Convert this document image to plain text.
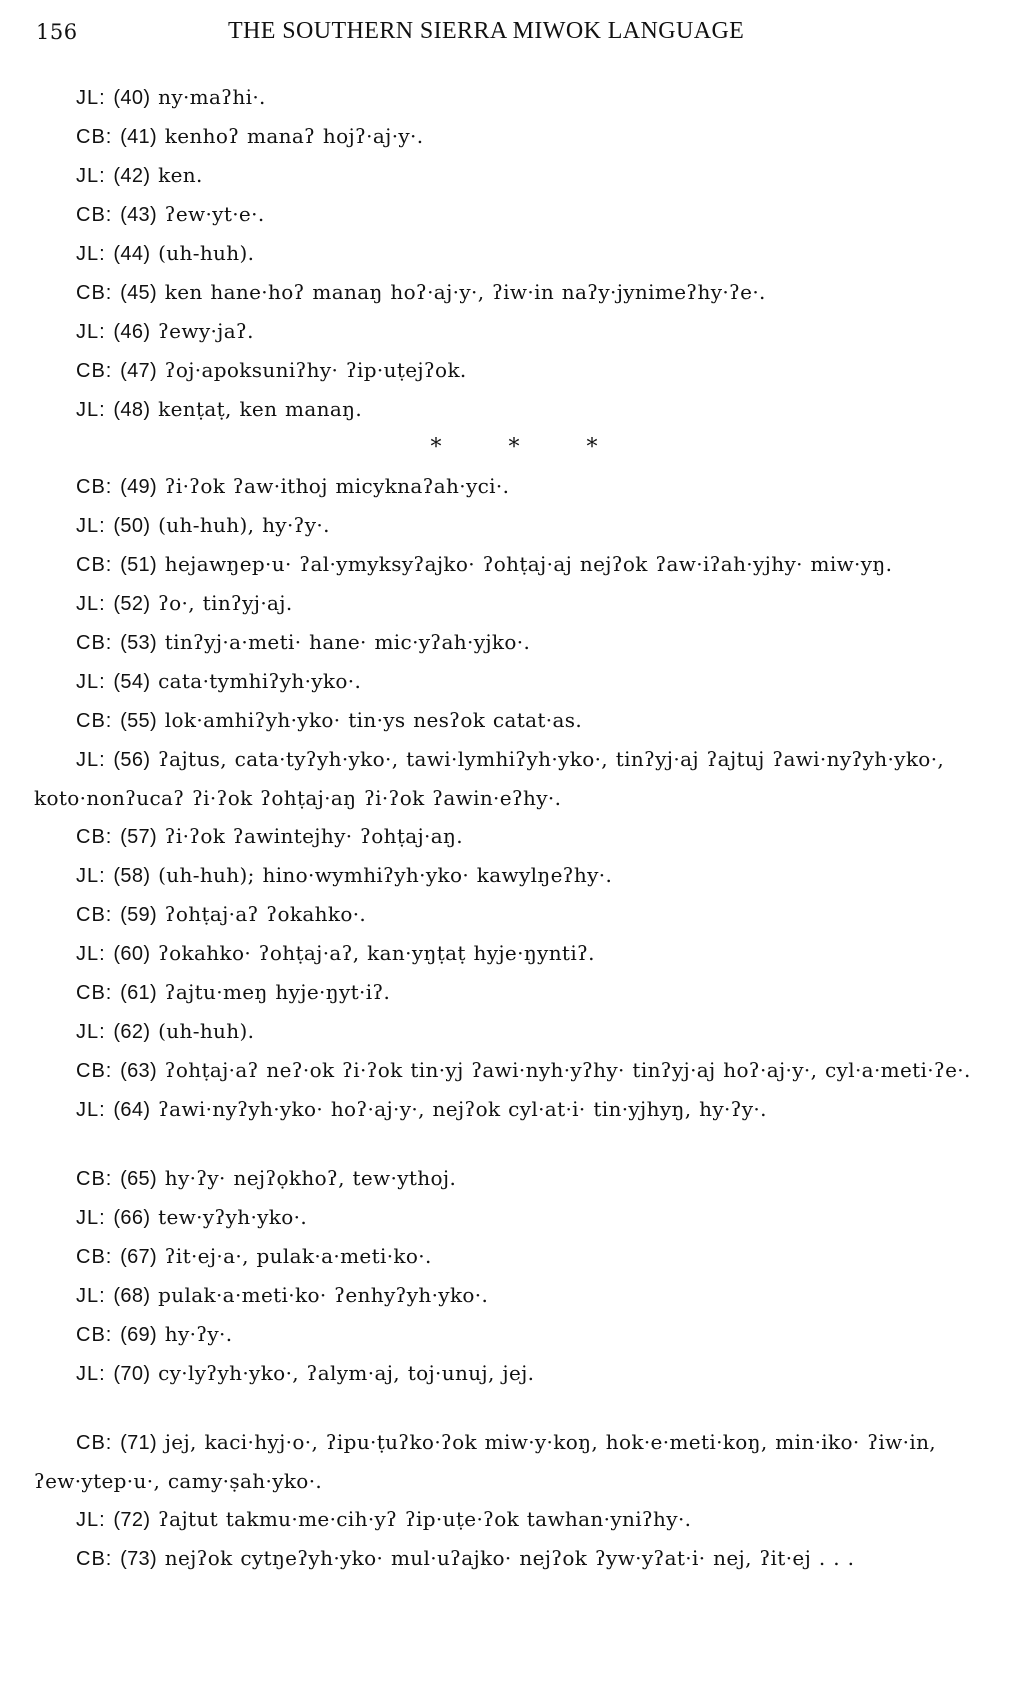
156	THE SOUTHERN SIERRA MIWOK LANGUAGE

JL: (40) ny·maʔhi·.

CB: (41) kenhoʔ manaʔ hojʔ·aj·y·.

JL: (42) ken.

CB: (43) ʔew·yt·e·.

JL: (44) (uh-huh).

CB: (45) ken hane·hoʔ manaŋ hoʔ·aj·y·, ʔiw·in naʔy·jynimeʔhy·ʔe·.

JL: (46) ʔewy·jaʔ.

CB: (47) ʔoj·apoksuniʔhy· ʔip·uṭejʔok.

JL: (48) kenṭaṭ, ken manaŋ.

* * *

CB: (49) ʔi·ʔok ʔaw·ithoj micyknaʔah·yci·.

JL: (50) (uh-huh), hy·ʔy·.

CB: (51) hejawŋep·u· ʔal·ymyksyʔajko· ʔohṭaj·aj nejʔok ʔaw·iʔah·yjhy· miw·yŋ.

JL: (52) ʔo·, tinʔyj·aj.

CB: (53) tinʔyj·a·meti· hane· mic·yʔah·yjko·.

JL: (54) cata·tymhiʔyh·yko·.

CB: (55) lok·amhiʔyh·yko· tin·ys nesʔok catat·as.

JL: (56) ʔajtus, cata·tyʔyh·yko·, tawi·lymhiʔyh·yko·, tinʔyj·aj ʔajtuj ʔawi·nyʔyh·yko·, koto·nonʔucaʔ ʔi·ʔok ʔohṭaj·aŋ ʔi·ʔok ʔawin·eʔhy·.

CB: (57) ʔi·ʔok ʔawintejhy· ʔohṭaj·aŋ.

JL: (58) (uh-huh); hino·wymhiʔyh·yko· kawylŋeʔhy·.

CB: (59) ʔohṭaj·aʔ ʔokahko·.

JL: (60) ʔokahko· ʔohṭaj·aʔ, kan·yŋṭaṭ hyje·ŋyntiʔ.

CB: (61) ʔajtu·meŋ hyje·ŋyt·iʔ.

JL: (62) (uh-huh).

CB: (63) ʔohṭaj·aʔ neʔ·ok ʔi·ʔok tin·yj ʔawi·nyh·yʔhy· tinʔyj·aj hoʔ·aj·y·, cyl·a·meti·ʔe·.

JL: (64) ʔawi·nyʔyh·yko· hoʔ·aj·y·, nejʔok cyl·at·i· tin·yjhyŋ, hy·ʔy·.

CB: (65) hy·ʔy· nejʔọkhoʔ, tew·ythoj.

JL: (66) tew·yʔyh·yko·.

CB: (67) ʔit·ej·a·, pulak·a·meti·ko·.

JL: (68) pulak·a·meti·ko· ʔenhyʔyh·yko·.

CB: (69) hy·ʔy·.

JL: (70) cy·lyʔyh·yko·, ʔalym·aj, toj·unuj, jej.

CB: (71) jej, kaci·hyj·o·, ʔipu·ṭuʔko·ʔok miw·y·koŋ, hok·e·meti·koŋ, min·iko· ʔiw·in, ʔew·ytep·u·, camy·ṣah·yko·.

JL: (72) ʔajtut takmu·me·cih·yʔ ʔip·uṭe·ʔok tawhan·yniʔhy·.

CB: (73) nejʔok cytŋeʔyh·yko· mul·uʔajko· nejʔok ʔyw·yʔat·i· nej, ʔit·ej . . .
